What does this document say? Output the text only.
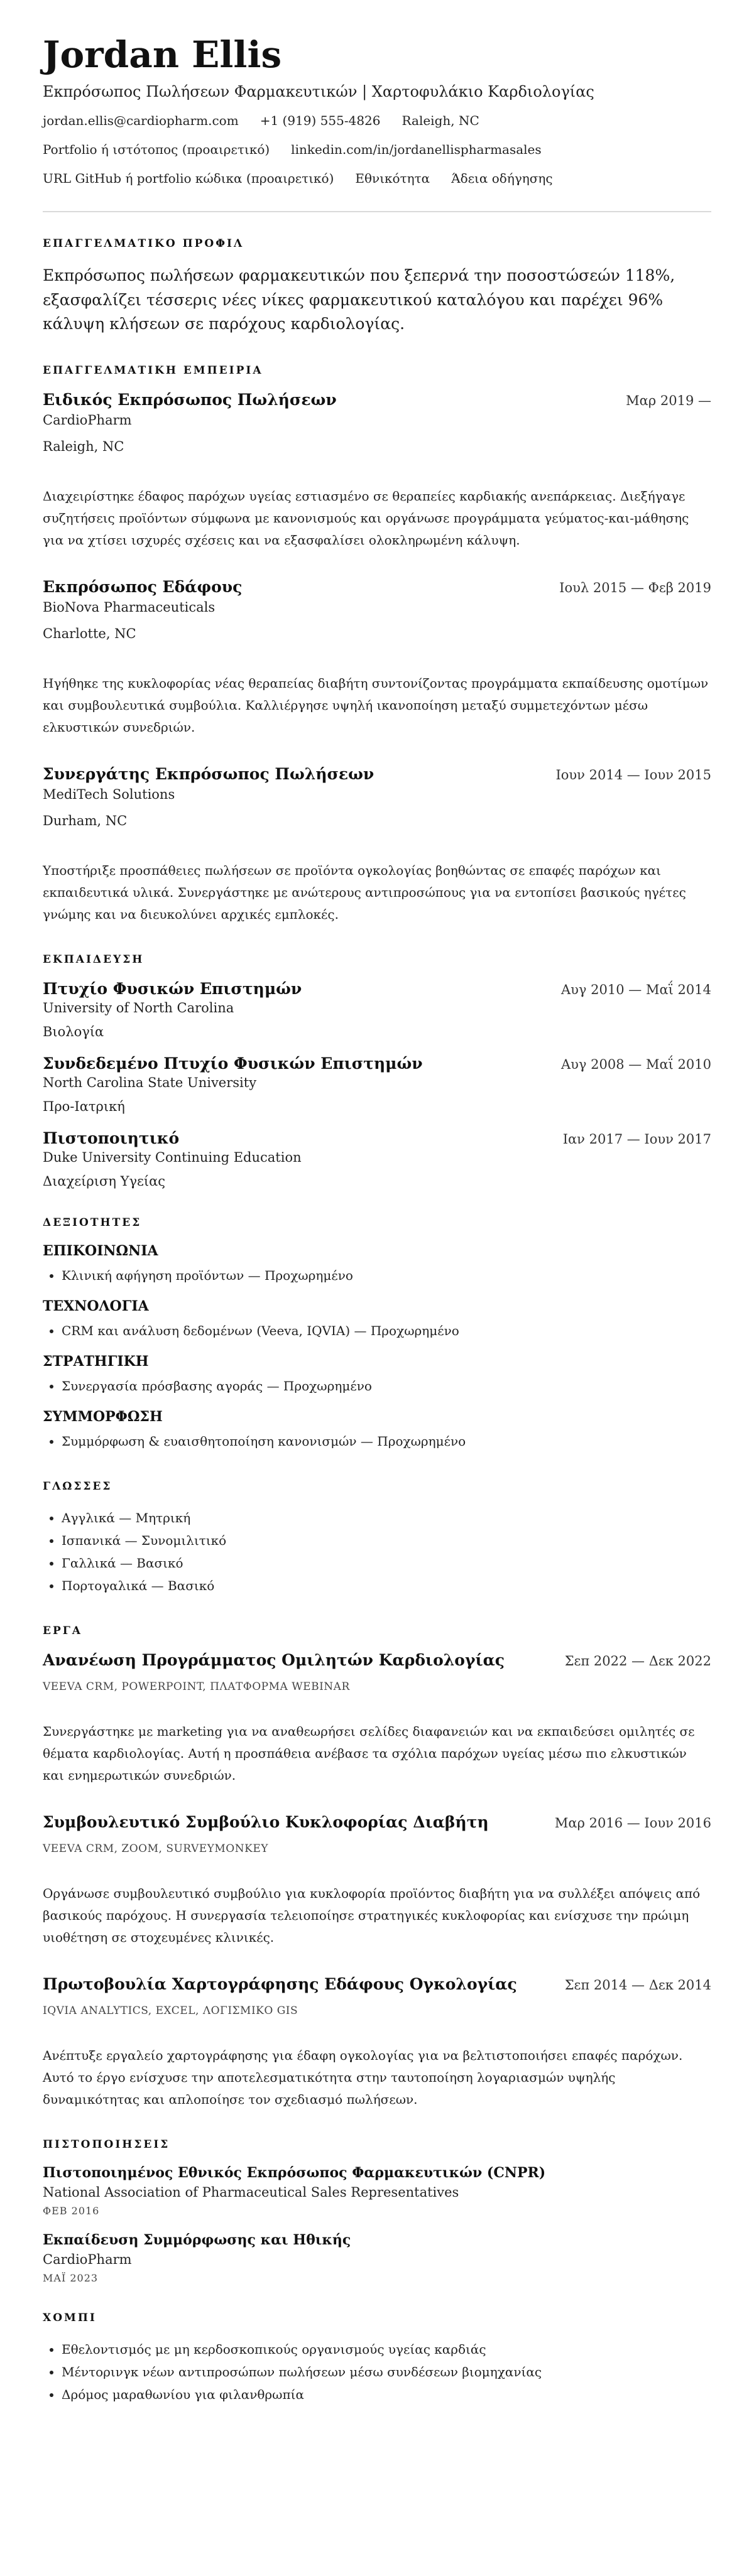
Jordan Ellis
Εκπρόσωπος Πωλήσεων Φαρμακευτικών | Χαρτοφυλάκιο Καρδιολογίας
jordan.ellis@cardiopharm.com +1 (919) 555-4826 Raleigh, NC
Portfolio ή ιστότοπος (προαιρετικό) linkedin.com/in/jordanellispharmasales
URL GitHub ή portfolio κώδικα (προαιρετικό) Εθνικότητα Άδεια οδήγησης
ΕΠΑΓΓΕΛΜΑΤΙΚΟ ΠΡΟΦΙΛ
Εκπρόσωπος πωλήσεων φαρμακευτικών που ξεπερνά την ποσοστώσεών 118%, εξασφαλίζει τέσσερις νέες νίκες φαρμακευτικού καταλόγου και παρέχει 96% κάλυψη κλήσεων σε παρόχους καρδιολογίας.
ΕΠΑΓΓΕΛΜΑΤΙΚΗ ΕΜΠΕΙΡΙΑ
Ειδικός Εκπρόσωπος Πωλήσεων	Μαρ 2019 —
CardioPharm
Raleigh, NC
Διαχειρίστηκε έδαφος παρόχων υγείας εστιασμένο σε θεραπείες καρδιακής ανεπάρκειας. Διεξήγαγε συζητήσεις προϊόντων σύμφωνα με κανονισμούς και οργάνωσε προγράμματα γεύματος-και-μάθησης για να χτίσει ισχυρές σχέσεις και να εξασφαλίσει ολοκληρωμένη κάλυψη.
Εκπρόσωπος Εδάφους	Ιουλ 2015 — Φεβ 2019
BioNova Pharmaceuticals
Charlotte, NC
Ηγήθηκε της κυκλοφορίας νέας θεραπείας διαβήτη συντονίζοντας προγράμματα εκπαίδευσης ομοτίμων και συμβουλευτικά συμβούλια. Καλλιέργησε υψηλή ικανοποίηση μεταξύ συμμετεχόντων μέσω ελκυστικών συνεδριών.
Συνεργάτης Εκπρόσωπος Πωλήσεων	Ιουν 2014 — Ιουν 2015
MediTech Solutions
Durham, NC
Υποστήριξε προσπάθειες πωλήσεων σε προϊόντα ογκολογίας βοηθώντας σε επαφές παρόχων και εκπαιδευτικά υλικά. Συνεργάστηκε με ανώτερους αντιπροσώπους για να εντοπίσει βασικούς ηγέτες γνώμης και να διευκολύνει αρχικές εμπλοκές.
ΕΚΠΑΙΔΕΥΣΗ
Πτυχίο Φυσικών Επιστημών	Αυγ 2010 — Μαΐ 2014
University of North Carolina
Βιολογία
Συνδεδεμένο Πτυχίο Φυσικών Επιστημών	Αυγ 2008 — Μαΐ 2010
North Carolina State University
Προ-Ιατρική
Πιστοποιητικό	Ιαν 2017 — Ιουν 2017
Duke University Continuing Education
Διαχείριση Υγείας
ΔΕΞΙΟΤΗΤΕΣ
ΕΠΙΚΟΙΝΩΝΙΑ
• Κλινική αφήγηση προϊόντων — Προχωρημένο
ΤΕΧΝΟΛΟΓΙΑ
• CRM και ανάλυση δεδομένων (Veeva, IQVIA) — Προχωρημένο
ΣΤΡΑΤΗΓΙΚΗ
• Συνεργασία πρόσβασης αγοράς — Προχωρημένο
ΣΥΜΜΟΡΦΩΣΗ
• Συμμόρφωση & ευαισθητοποίηση κανονισμών — Προχωρημένο
ΓΛΩΣΣΕΣ
• Αγγλικά — Μητρική
• Ισπανικά — Συνομιλιτικό
• Γαλλικά — Βασικό
• Πορτογαλικά — Βασικό
ΕΡΓΑ
Ανανέωση Προγράμματος Ομιλητών Καρδιολογίας	Σεπ 2022 — Δεκ 2022
VEEVA CRM, POWERPOINT, ΠΛΑΤΦΟΡΜΑ WEBINAR
Συνεργάστηκε με marketing για να αναθεωρήσει σελίδες διαφανειών και να εκπαιδεύσει ομιλητές σε θέματα καρδιολογίας. Αυτή η προσπάθεια ανέβασε τα σχόλια παρόχων υγείας μέσω πιο ελκυστικών και ενημερωτικών συνεδριών.
Συμβουλευτικό Συμβούλιο Κυκλοφορίας Διαβήτη	Μαρ 2016 — Ιουν 2016
VEEVA CRM, ZOOM, SURVEYMONKEY
Οργάνωσε συμβουλευτικό συμβούλιο για κυκλοφορία προϊόντος διαβήτη για να συλλέξει απόψεις από βασικούς παρόχους. Η συνεργασία τελειοποίησε στρατηγικές κυκλοφορίας και ενίσχυσε την πρώιμη υιοθέτηση σε στοχευμένες κλινικές.
Πρωτοβουλία Χαρτογράφησης Εδάφους Ογκολογίας	Σεπ 2014 — Δεκ 2014
IQVIA ANALYTICS, EXCEL, ΛΟΓΙΣΜΙΚΟ GIS
Ανέπτυξε εργαλείο χαρτογράφησης για έδαφη ογκολογίας για να βελτιστοποιήσει επαφές παρόχων. Αυτό το έργο ενίσχυσε την αποτελεσματικότητα στην ταυτοποίηση λογαριασμών υψηλής δυναμικότητας και απλοποίησε τον σχεδιασμό πωλήσεων.
ΠΙΣΤΟΠΟΙΗΣΕΙΣ
Πιστοποιημένος Εθνικός Εκπρόσωπος Φαρμακευτικών (CNPR)
National Association of Pharmaceutical Sales Representatives
ΦΕΒ 2016
Εκπαίδευση Συμμόρφωσης και Ηθικής
CardioPharm
ΜΑΪ 2023
ΧΟΜΠΙ
• Εθελοντισμός με μη κερδοσκοπικούς οργανισμούς υγείας καρδιάς
• Μέντορινγκ νέων αντιπροσώπων πωλήσεων μέσω συνδέσεων βιομηχανίας
• Δρόμος μαραθωνίου για φιλανθρωπία
